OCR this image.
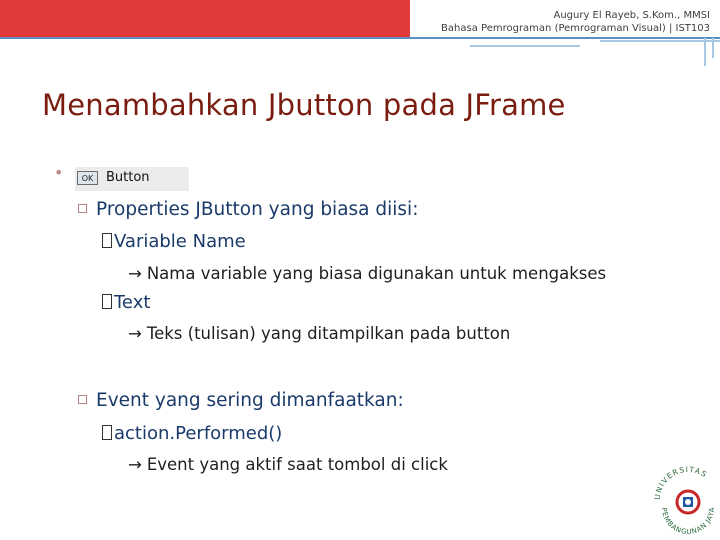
Augury El Rayeb, S.Kom., MMSI
Bahasa Pemrograman (Pemrograman Visual) | IST103
Menambahkan Jbutton pada JFrame
•	OK Button
Properties JButton yang biasa diisi:
Variable Name
→ Nama variable yang biasa digunakan untuk mengakses
Text
→ Teks (tulisan) yang ditampilkan pada button
Event yang sering dimanfaatkan:
action.Performed()
→ Event yang aktif saat tombol di click
UNIVERSITAS
PEMBANGUNAN JAYA
